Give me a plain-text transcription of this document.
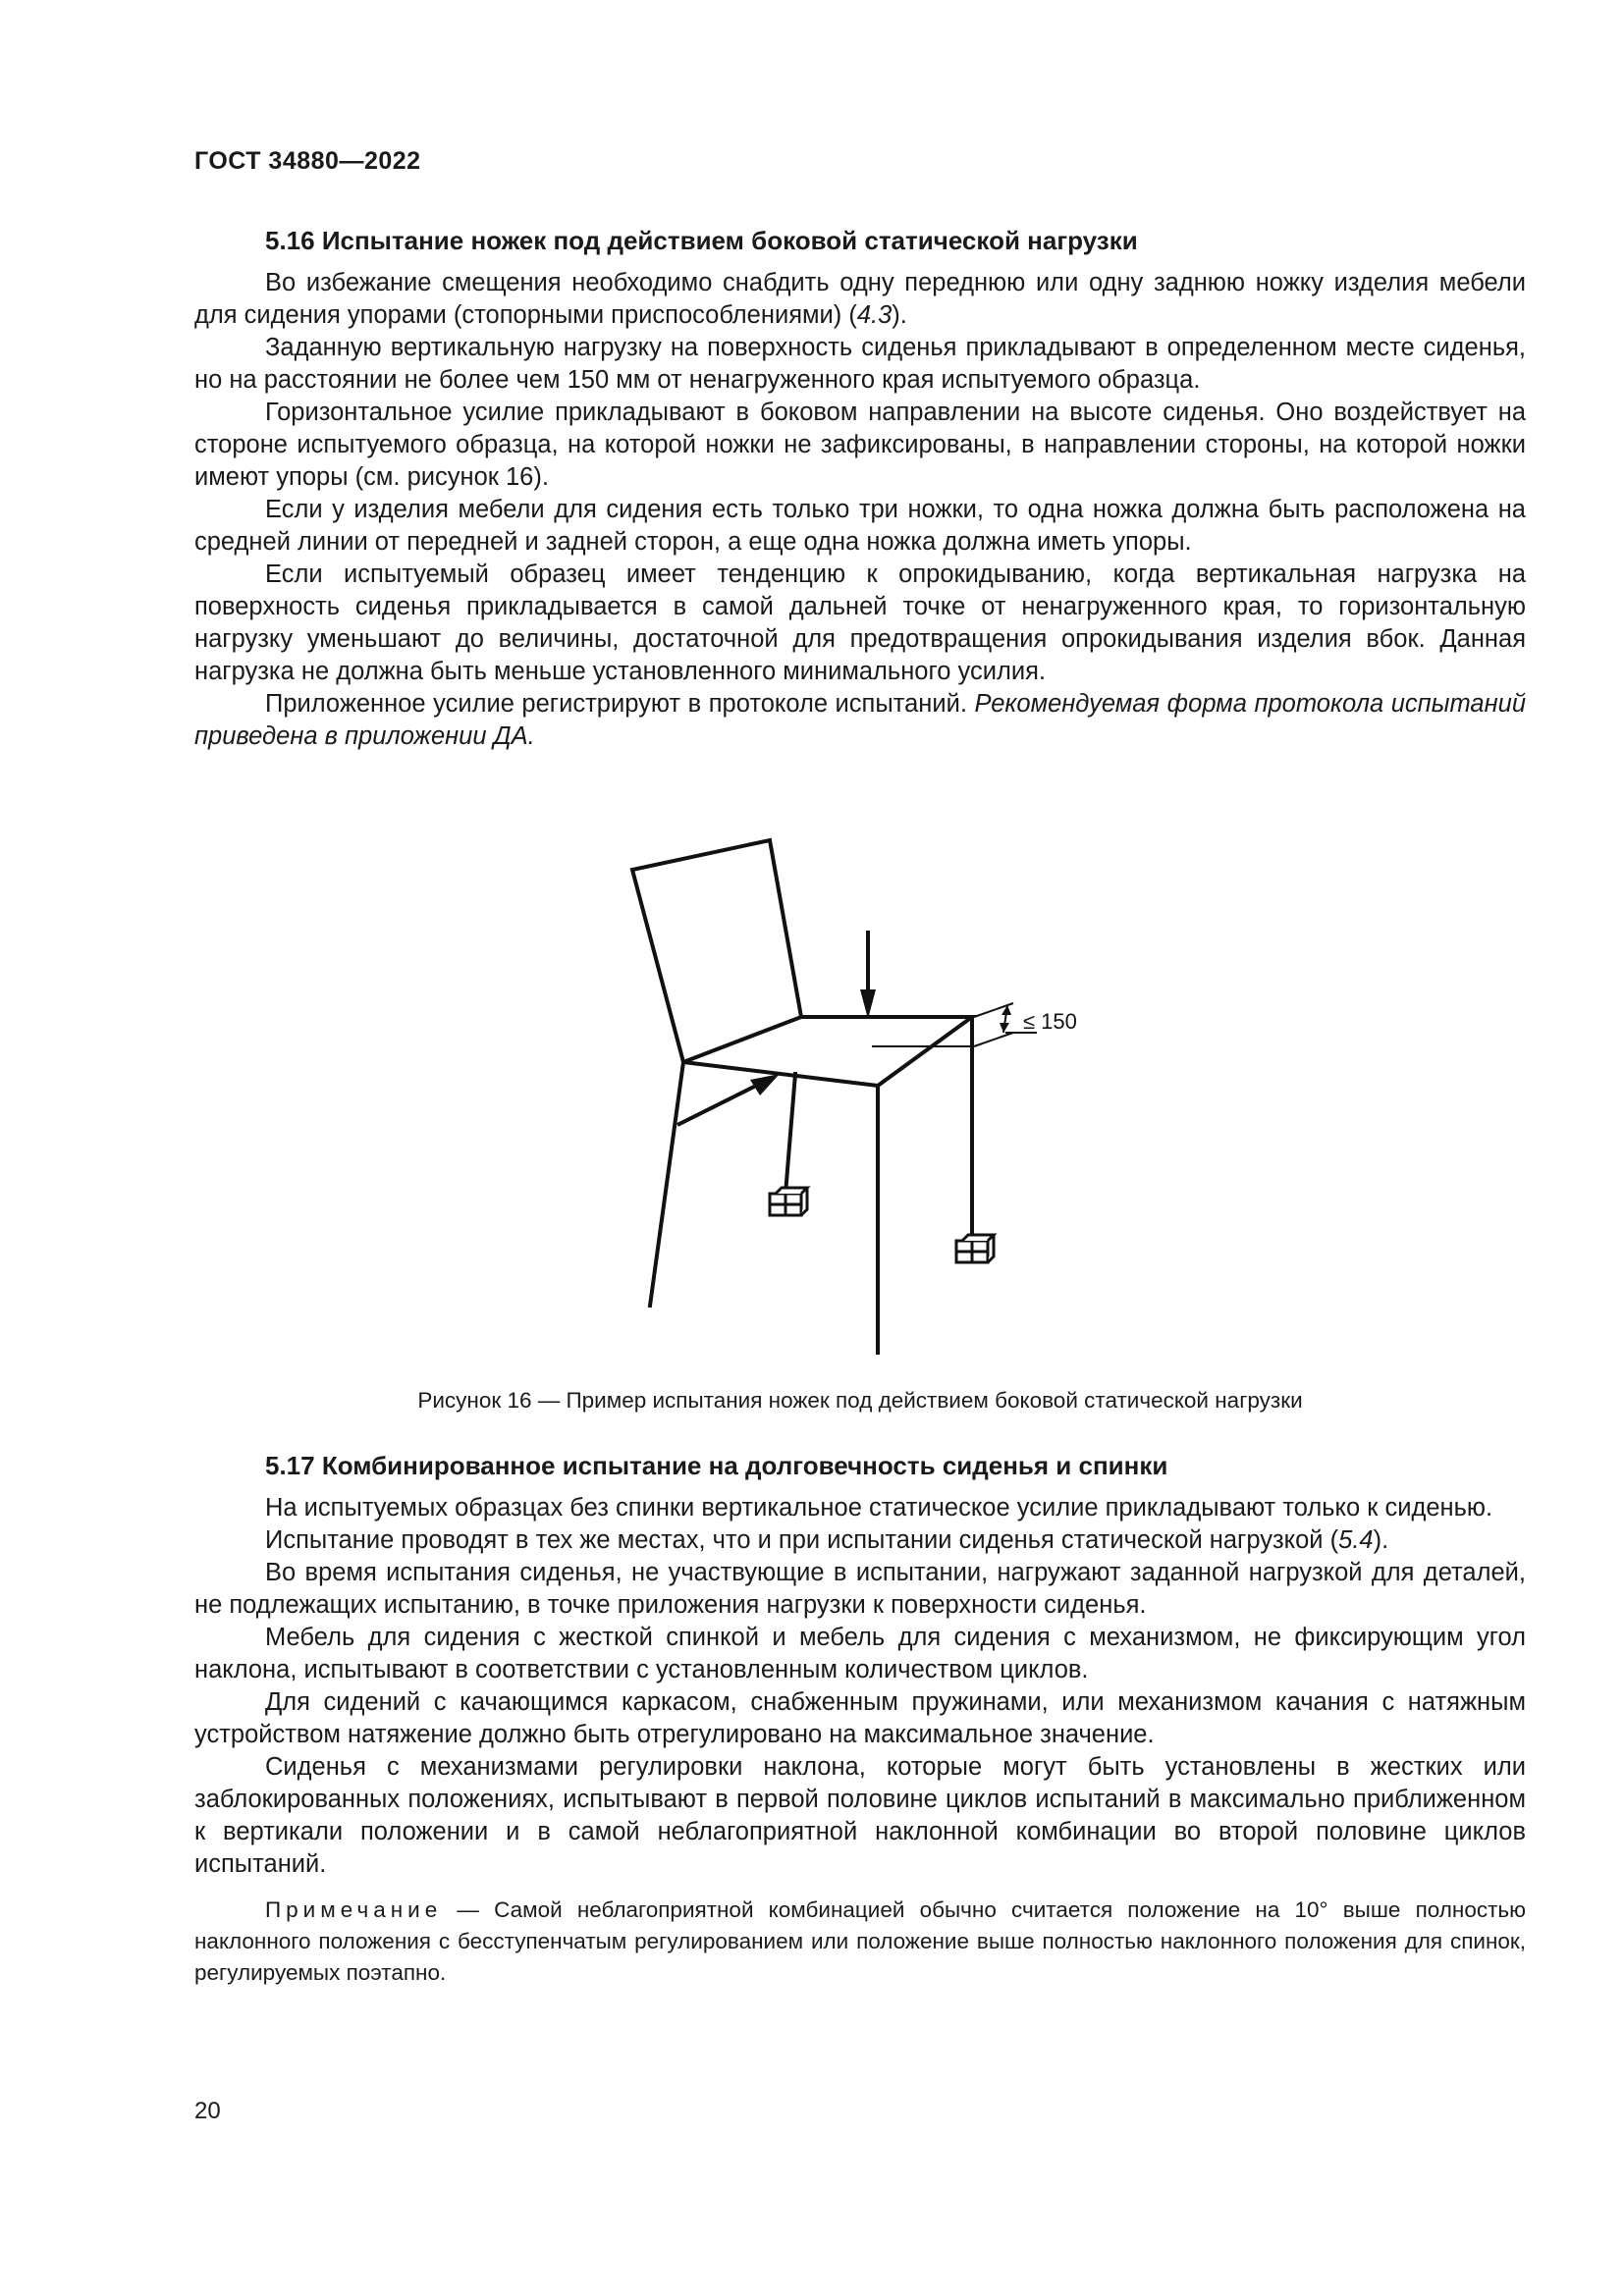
ГОСТ 34880—2022
5.16 Испытание ножек под действием боковой статической нагрузки

Во избежание смещения необходимо снабдить одну переднюю или одну заднюю ножку изделия мебели для сидения упорами (стопорными приспособлениями) (4.3).

Заданную вертикальную нагрузку на поверхность сиденья прикладывают в определенном месте сиденья, но на расстоянии не более чем 150 мм от ненагруженного края испытуемого образца.

Горизонтальное усилие прикладывают в боковом направлении на высоте сиденья. Оно воздействует на стороне испытуемого образца, на которой ножки не зафиксированы, в направлении стороны, на которой ножки имеют упоры (см. рисунок 16).

Если у изделия мебели для сидения есть только три ножки, то одна ножка должна быть расположена на средней линии от передней и задней сторон, а еще одна ножка должна иметь упоры.

Если испытуемый образец имеет тенденцию к опрокидыванию, когда вертикальная нагрузка на поверхность сиденья прикладывается в самой дальней точке от ненагруженного края, то горизонтальную нагрузку уменьшают до величины, достаточной для предотвращения опрокидывания изделия вбок. Данная нагрузка не должна быть меньше установленного минимального усилия.

Приложенное усилие регистрируют в протоколе испытаний. Рекомендуемая форма протокола испытаний приведена в приложении ДА.

≤ 150
Рисунок 16 — Пример испытания ножек под действием боковой статической нагрузки
5.17 Комбинированное испытание на долговечность сиденья и спинки

На испытуемых образцах без спинки вертикальное статическое усилие прикладывают только к сиденью.

Испытание проводят в тех же местах, что и при испытании сиденья статической нагрузкой (5.4).

Во время испытания сиденья, не участвующие в испытании, нагружают заданной нагрузкой для деталей, не подлежащих испытанию, в точке приложения нагрузки к поверхности сиденья.

Мебель для сидения с жесткой спинкой и мебель для сидения с механизмом, не фиксирующим угол наклона, испытывают в соответствии с установленным количеством циклов.

Для сидений с качающимся каркасом, снабженным пружинами, или механизмом качания с натяжным устройством натяжение должно быть отрегулировано на максимальное значение.

Сиденья с механизмами регулировки наклона, которые могут быть установлены в жестких или заблокированных положениях, испытывают в первой половине циклов испытаний в максимально приближенном к вертикали положении и в самой неблагоприятной наклонной комбинации во второй половине циклов испытаний.

Примечание — Самой неблагоприятной комбинацией обычно считается положение на 10° выше полностью наклонного положения с бесступенчатым регулированием или положение выше полностью наклонного положения для спинок, регулируемых поэтапно.

20
